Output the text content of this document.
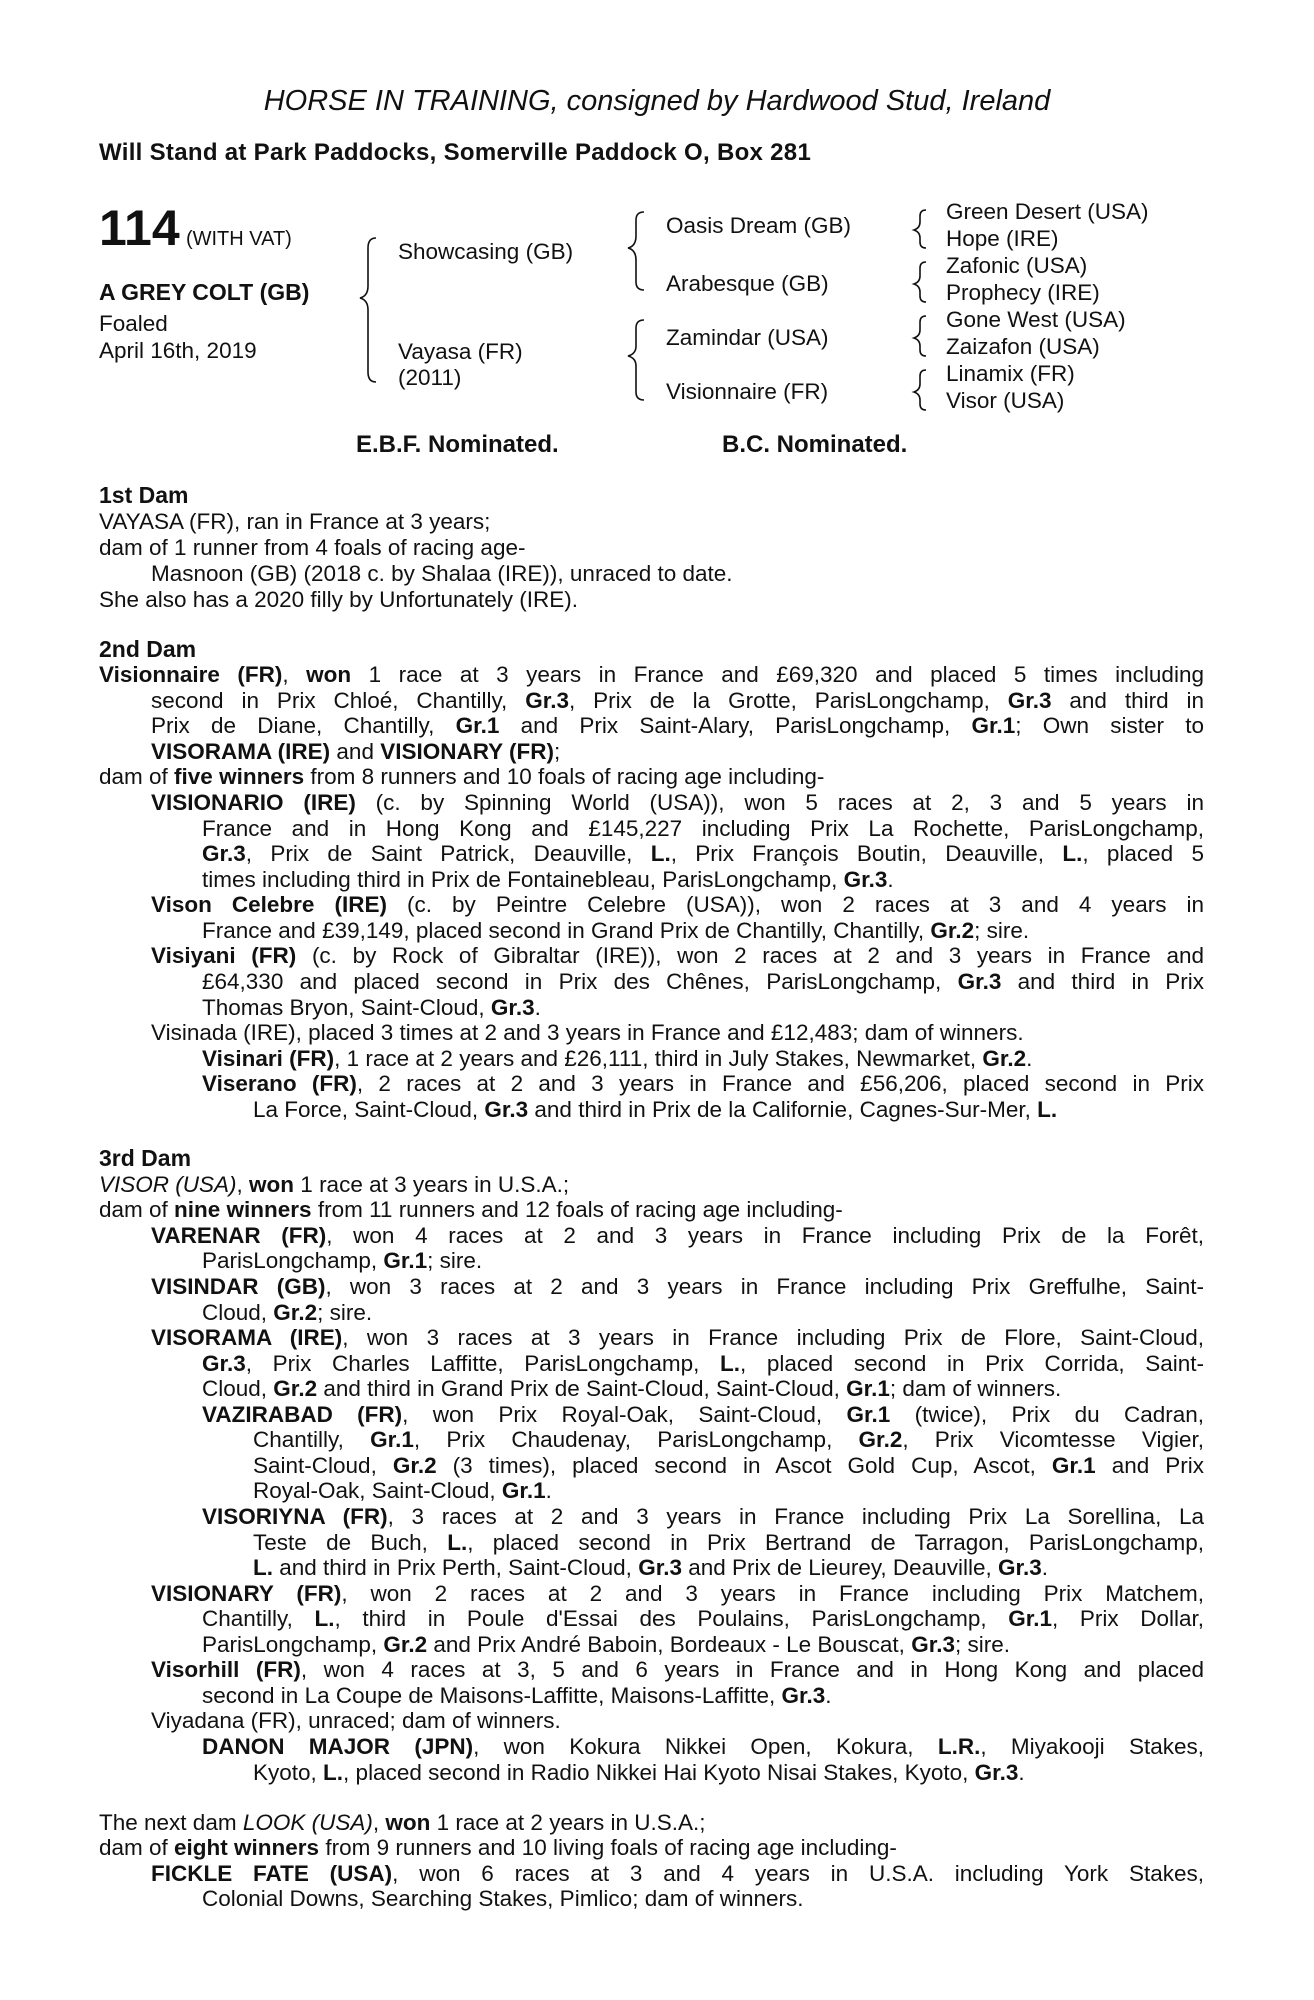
HORSE IN TRAINING, consigned by Hardwood Stud, Ireland
Will Stand at Park Paddocks, Somerville Paddock O, Box 281
114 (WITH VAT)
A GREY COLT (GB)
Foaled
April 16th, 2019
Showcasing (GB)
Vayasa (FR)
(2011)
Oasis Dream (GB)
Arabesque (GB)
Zamindar (USA)
Visionnaire (FR)
Green Desert (USA)
Hope (IRE)
Zafonic (USA)
Prophecy (IRE)
Gone West (USA)
Zaizafon (USA)
Linamix (FR)
Visor (USA)
E.B.F. Nominated.	B.C. Nominated.
1st Dam
VAYASA (FR), ran in France at 3 years;
dam of 1 runner from 4 foals of racing age-
Masnoon (GB) (2018 c. by Shalaa (IRE)), unraced to date.
She also has a 2020 filly by Unfortunately (IRE).
2nd Dam
Visionnaire (FR), won 1 race at 3 years in France and £69,320 and placed 5 times including
second in Prix Chloé, Chantilly, Gr.3, Prix de la Grotte, ParisLongchamp, Gr.3 and third in
Prix de Diane, Chantilly, Gr.1 and Prix Saint-Alary, ParisLongchamp, Gr.1; Own sister to
VISORAMA (IRE) and VISIONARY (FR);
dam of five winners from 8 runners and 10 foals of racing age including-
VISIONARIO (IRE) (c. by Spinning World (USA)), won 5 races at 2, 3 and 5 years in
France and in Hong Kong and £145,227 including Prix La Rochette, ParisLongchamp,
Gr.3, Prix de Saint Patrick, Deauville, L., Prix François Boutin, Deauville, L., placed 5
times including third in Prix de Fontainebleau, ParisLongchamp, Gr.3.
Vison Celebre (IRE) (c. by Peintre Celebre (USA)), won 2 races at 3 and 4 years in
France and £39,149, placed second in Grand Prix de Chantilly, Chantilly, Gr.2; sire.
Visiyani (FR) (c. by Rock of Gibraltar (IRE)), won 2 races at 2 and 3 years in France and
£64,330 and placed second in Prix des Chênes, ParisLongchamp, Gr.3 and third in Prix
Thomas Bryon, Saint-Cloud, Gr.3.
Visinada (IRE), placed 3 times at 2 and 3 years in France and £12,483; dam of winners.
Visinari (FR), 1 race at 2 years and £26,111, third in July Stakes, Newmarket, Gr.2.
Viserano (FR), 2 races at 2 and 3 years in France and £56,206, placed second in Prix
La Force, Saint-Cloud, Gr.3 and third in Prix de la Californie, Cagnes-Sur-Mer, L.
3rd Dam
VISOR (USA), won 1 race at 3 years in U.S.A.;
dam of nine winners from 11 runners and 12 foals of racing age including-
VARENAR (FR), won 4 races at 2 and 3 years in France including Prix de la Forêt,
ParisLongchamp, Gr.1; sire.
VISINDAR (GB), won 3 races at 2 and 3 years in France including Prix Greffulhe, Saint-
Cloud, Gr.2; sire.
VISORAMA (IRE), won 3 races at 3 years in France including Prix de Flore, Saint-Cloud,
Gr.3, Prix Charles Laffitte, ParisLongchamp, L., placed second in Prix Corrida, Saint-
Cloud, Gr.2 and third in Grand Prix de Saint-Cloud, Saint-Cloud, Gr.1; dam of winners.
VAZIRABAD (FR), won Prix Royal-Oak, Saint-Cloud, Gr.1 (twice), Prix du Cadran,
Chantilly, Gr.1, Prix Chaudenay, ParisLongchamp, Gr.2, Prix Vicomtesse Vigier,
Saint-Cloud, Gr.2 (3 times), placed second in Ascot Gold Cup, Ascot, Gr.1 and Prix
Royal-Oak, Saint-Cloud, Gr.1.
VISORIYNA (FR), 3 races at 2 and 3 years in France including Prix La Sorellina, La
Teste de Buch, L., placed second in Prix Bertrand de Tarragon, ParisLongchamp,
L. and third in Prix Perth, Saint-Cloud, Gr.3 and Prix de Lieurey, Deauville, Gr.3.
VISIONARY (FR), won 2 races at 2 and 3 years in France including Prix Matchem,
Chantilly, L., third in Poule d'Essai des Poulains, ParisLongchamp, Gr.1, Prix Dollar,
ParisLongchamp, Gr.2 and Prix André Baboin, Bordeaux - Le Bouscat, Gr.3; sire.
Visorhill (FR), won 4 races at 3, 5 and 6 years in France and in Hong Kong and placed
second in La Coupe de Maisons-Laffitte, Maisons-Laffitte, Gr.3.
Viyadana (FR), unraced; dam of winners.
DANON MAJOR (JPN), won Kokura Nikkei Open, Kokura, L.R., Miyakooji Stakes,
Kyoto, L., placed second in Radio Nikkei Hai Kyoto Nisai Stakes, Kyoto, Gr.3.
The next dam LOOK (USA), won 1 race at 2 years in U.S.A.;
dam of eight winners from 9 runners and 10 living foals of racing age including-
FICKLE FATE (USA), won 6 races at 3 and 4 years in U.S.A. including York Stakes,
Colonial Downs, Searching Stakes, Pimlico; dam of winners.
